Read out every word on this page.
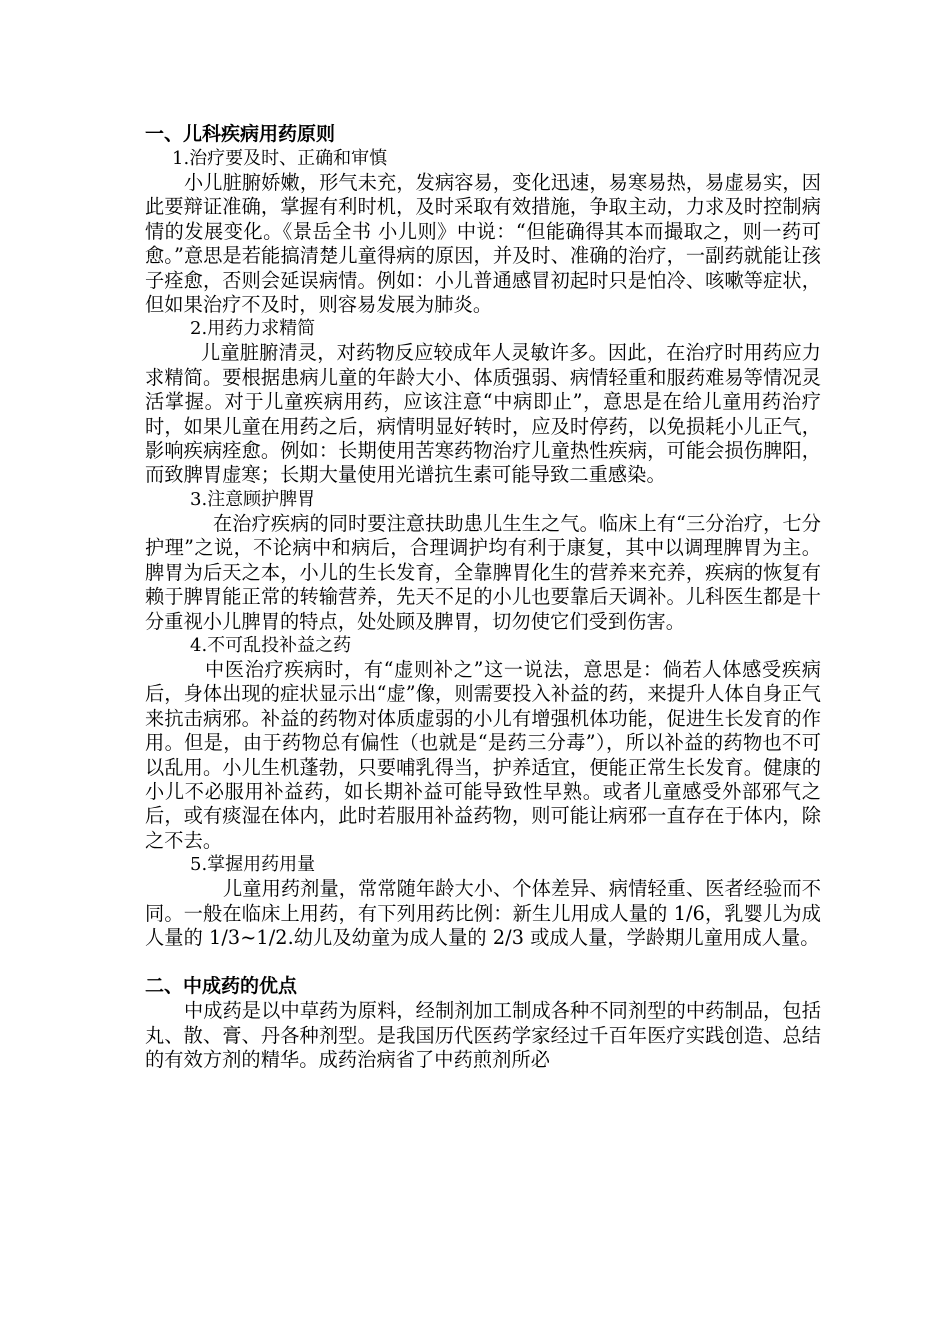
一、儿科疾病用药原则

1.治疗要及时、正确和审慎

小儿脏腑娇嫩，形气未充，发病容易，变化迅速，易寒易热，易虚易实，因此要辩证准确，掌握有利时机，及时采取有效措施，争取主动，力求及时控制病情的发展变化。《景岳全书 小儿则》中说：“但能确得其本而撮取之，则一药可愈。”意思是若能搞清楚儿童得病的原因，并及时、准确的治疗，一副药就能让孩子痊愈，否则会延误病情。例如：小儿普通感冒初起时只是怕冷、咳嗽等症状，但如果治疗不及时，则容易发展为肺炎。

2.用药力求精简

儿童脏腑清灵，对药物反应较成年人灵敏许多。因此，在治疗时用药应力求精简。要根据患病儿童的年龄大小、体质强弱、病情轻重和服药难易等情况灵活掌握。对于儿童疾病用药，应该注意“中病即止”，意思是在给儿童用药治疗时，如果儿童在用药之后，病情明显好转时，应及时停药，以免损耗小儿正气，影响疾病痊愈。例如：长期使用苦寒药物治疗儿童热性疾病，可能会损伤脾阳，而致脾胃虚寒；长期大量使用光谱抗生素可能导致二重感染。

3.注意顾护脾胃

在治疗疾病的同时要注意扶助患儿生生之气。临床上有“三分治疗，七分护理”之说，不论病中和病后，合理调护均有利于康复，其中以调理脾胃为主。脾胃为后天之本，小儿的生长发育，全靠脾胃化生的营养来充养，疾病的恢复有赖于脾胃能正常的转输营养，先天不足的小儿也要靠后天调补。儿科医生都是十分重视小儿脾胃的特点，处处顾及脾胃，切勿使它们受到伤害。

4.不可乱投补益之药

中医治疗疾病时，有“虚则补之”这一说法，意思是：倘若人体感受疾病后，身体出现的症状显示出“虚”像，则需要投入补益的药，来提升人体自身正气来抗击病邪。补益的药物对体质虚弱的小儿有增强机体功能，促进生长发育的作用。但是，由于药物总有偏性（也就是“是药三分毒”），所以补益的药物也不可以乱用。小儿生机蓬勃，只要哺乳得当，护养适宜，便能正常生长发育。健康的小儿不必服用补益药，如长期补益可能导致性早熟。或者儿童感受外部邪气之后，或有痰湿在体内，此时若服用补益药物，则可能让病邪一直存在于体内，除之不去。

5.掌握用药用量

儿童用药剂量，常常随年龄大小、个体差异、病情轻重、医者经验而不同。一般在临床上用药，有下列用药比例：新生儿用成人量的 1/6，乳婴儿为成人量的 1/3~1/2.幼儿及幼童为成人量的 2/3 或成人量，学龄期儿童用成人量。

二、中成药的优点

中成药是以中草药为原料，经制剂加工制成各种不同剂型的中药制品，包括丸、散、膏、丹各种剂型。是我国历代医药学家经过千百年医疗实践创造、总结的有效方剂的精华。成药治病省了中药煎剂所必
